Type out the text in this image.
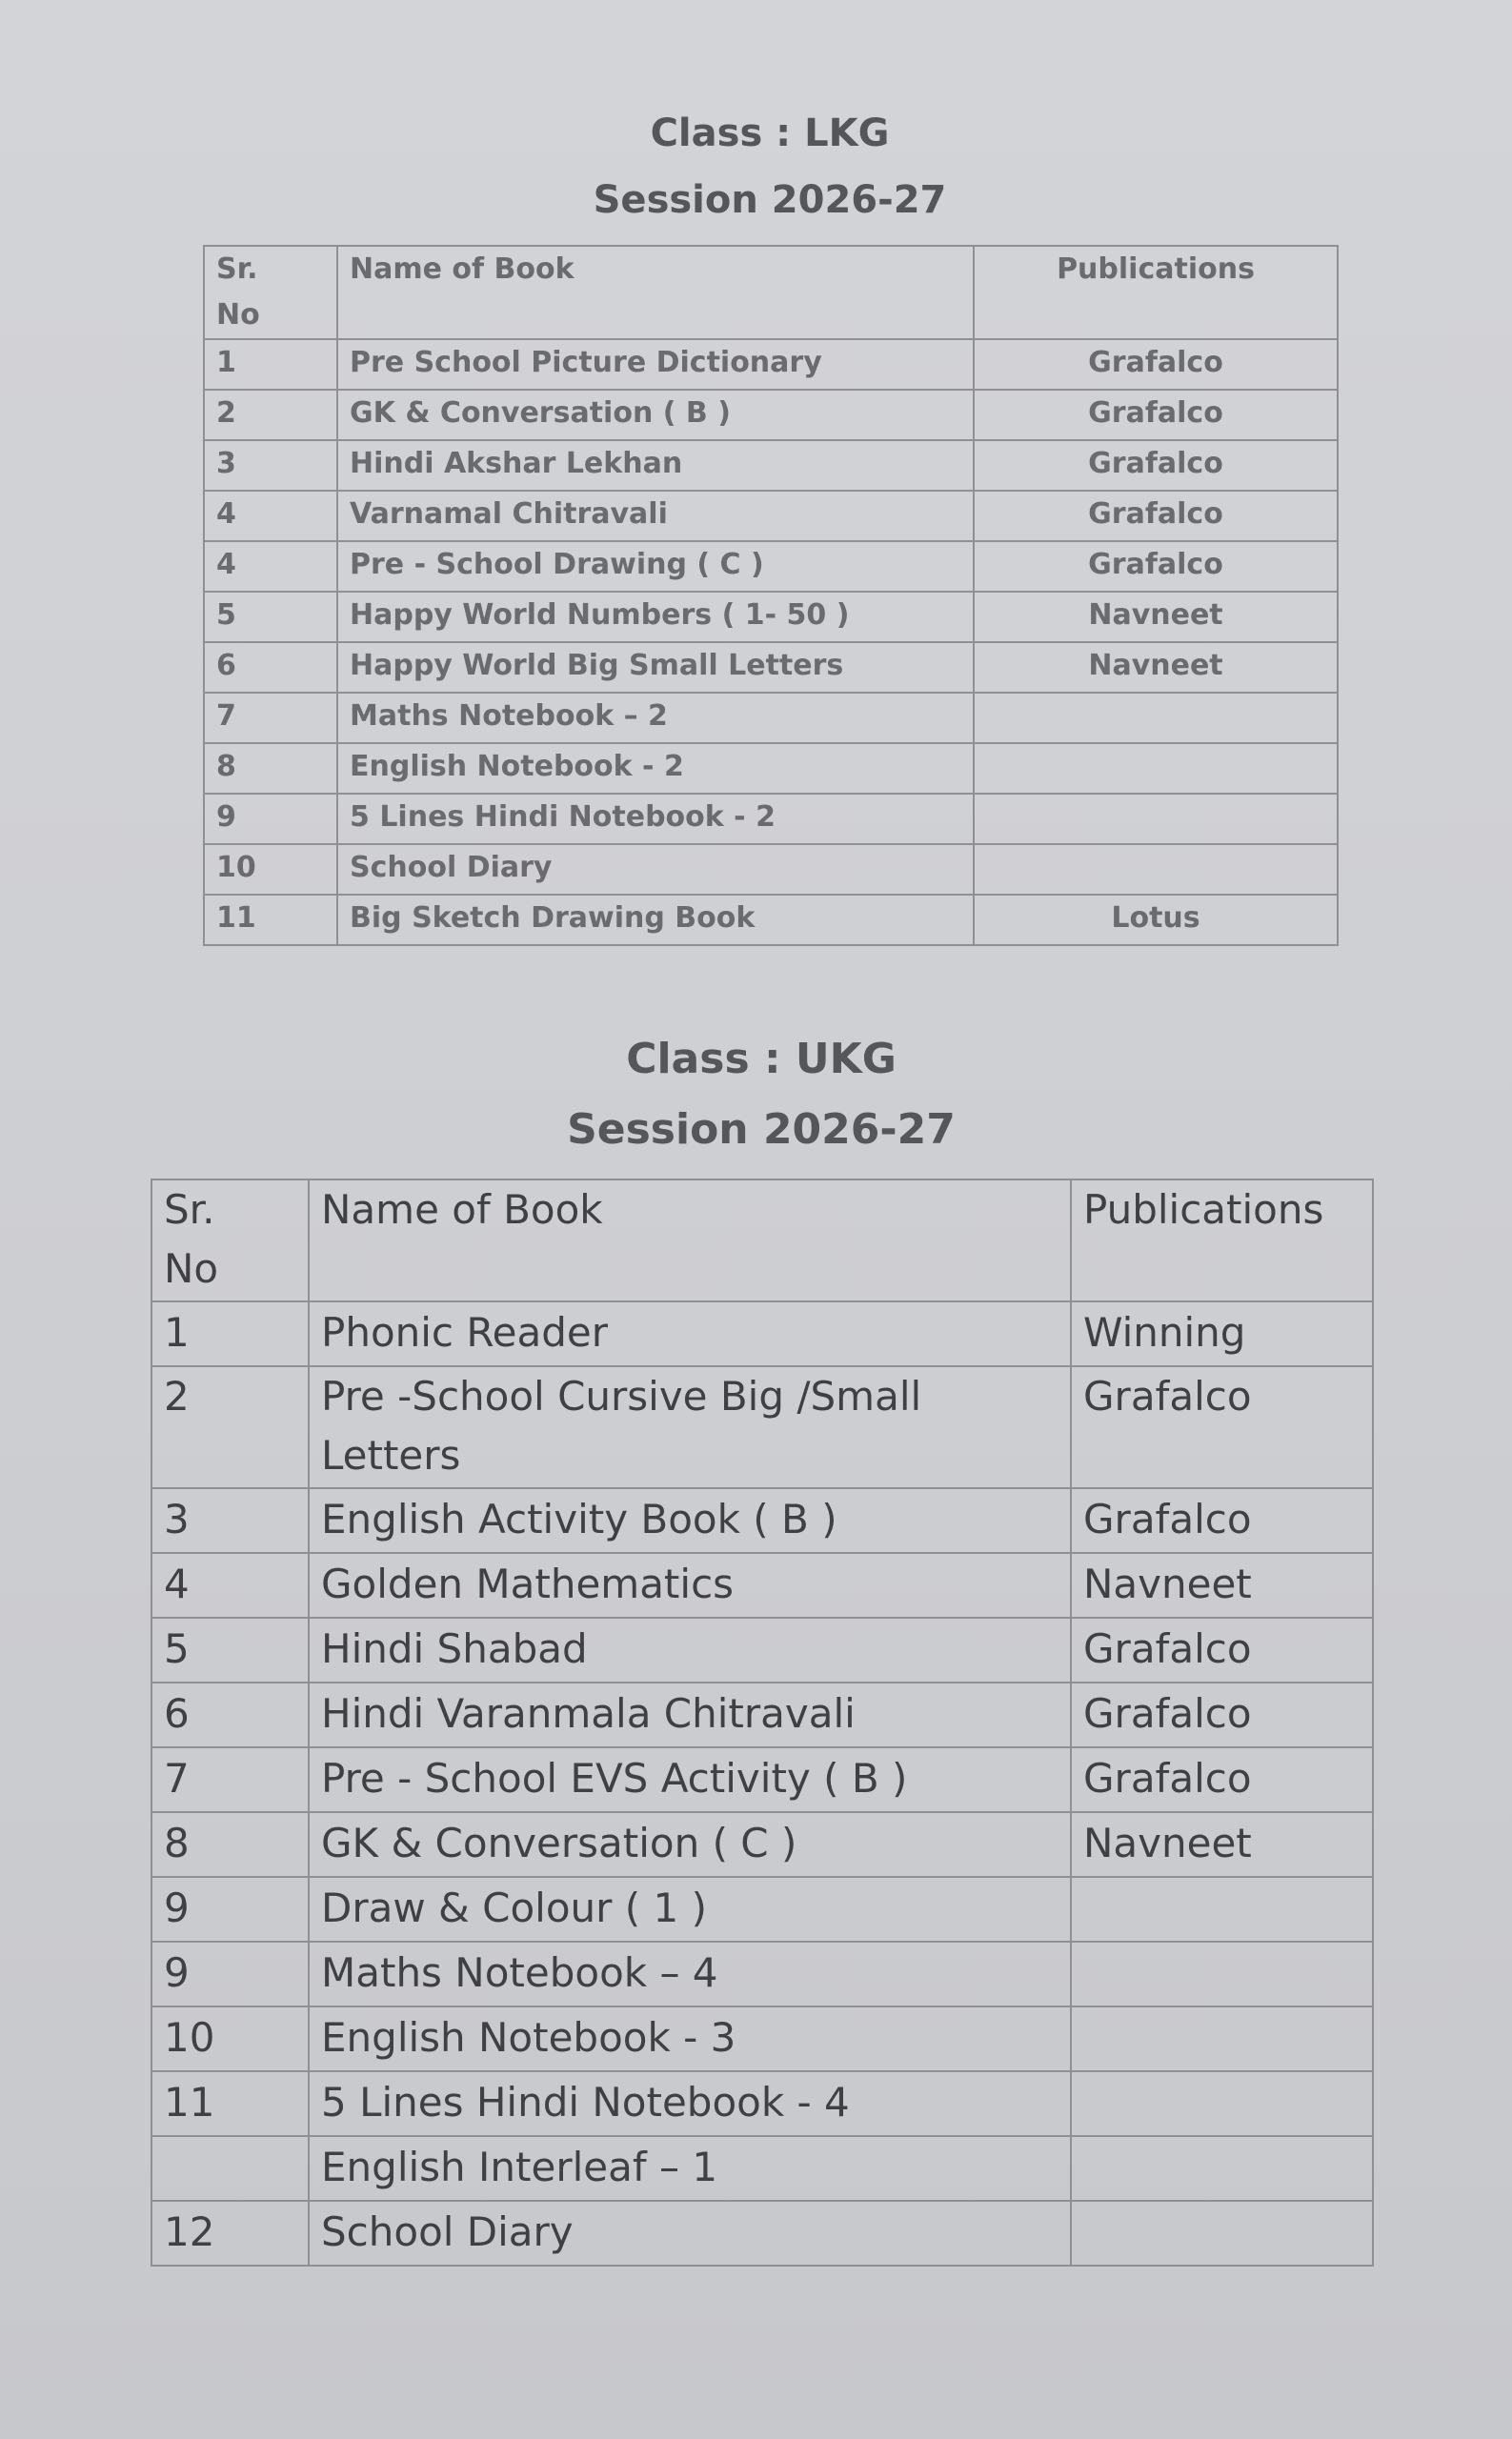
Class : LKG
Session 2026-27
Sr.
No	Name of Book	Publications
1	Pre School Picture Dictionary	Grafalco
2	GK & Conversation ( B )	Grafalco
3	Hindi Akshar Lekhan	Grafalco
4	Varnamal Chitravali	Grafalco
4	Pre - School Drawing ( C )	Grafalco
5	Happy World Numbers ( 1- 50 )	Navneet
6	Happy World Big Small Letters	Navneet
7	Maths Notebook – 2	
8	English Notebook - 2	
9	5 Lines Hindi Notebook - 2	
10	School Diary	
11	Big Sketch Drawing Book	Lotus
Class : UKG
Session 2026-27
Sr.
No	Name of Book	Publications
1	Phonic Reader	Winning
2	Pre -School Cursive Big /Small Letters	Grafalco
3	English Activity Book ( B )	Grafalco
4	Golden Mathematics	Navneet
5	Hindi Shabad	Grafalco
6	Hindi Varanmala Chitravali	Grafalco
7	Pre - School EVS Activity ( B )	Grafalco
8	GK & Conversation ( C )	Navneet
9	Draw & Colour ( 1 )	
9	Maths Notebook – 4	
10	English Notebook - 3	
11	5 Lines Hindi Notebook - 4	
	English Interleaf – 1	
12	School Diary	
